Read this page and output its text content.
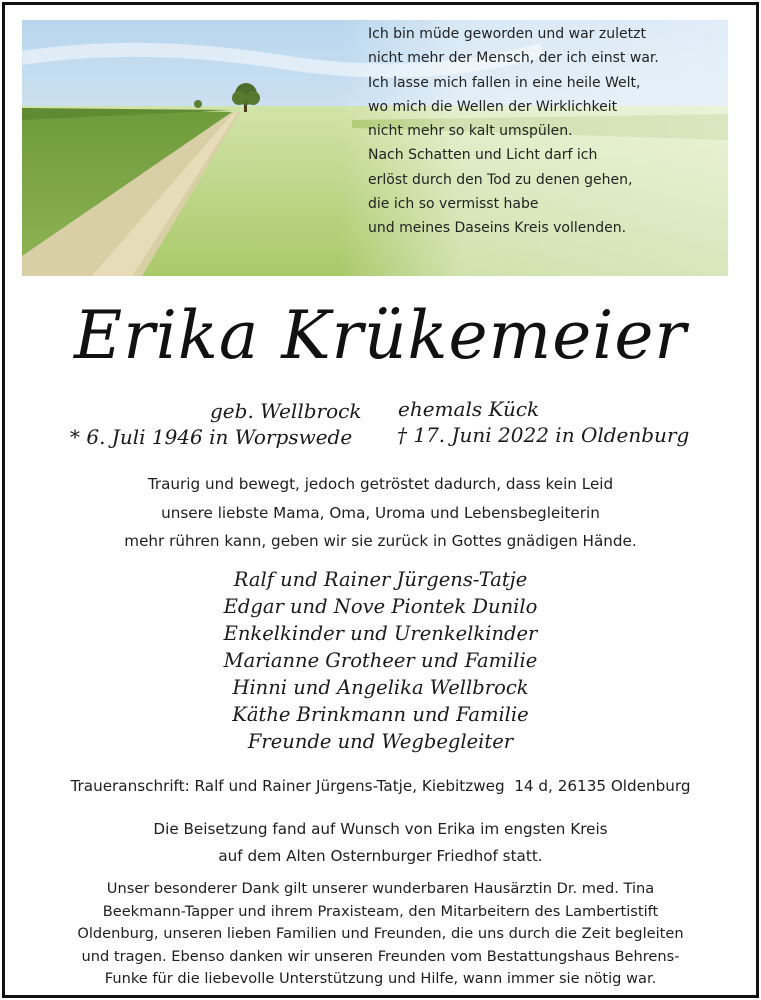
Ich bin müde geworden und war zuletzt
nicht mehr der Mensch, der ich einst war.
Ich lasse mich fallen in eine heile Welt,
wo mich die Wellen der Wirklichkeit
nicht mehr so kalt umspülen.
Nach Schatten und Licht darf ich
erlöst durch den Tod zu denen gehen,
die ich so vermisst habe
und meines Daseins Kreis vollenden.
Erika Krükemeier
geb. Wellbrock
* 6. Juli 1946 in Worpswede
ehemals Kück
† 17. Juni 2022 in Oldenburg
Traurig und bewegt, jedoch getröstet dadurch, dass kein Leid
unsere liebste Mama, Oma, Uroma und Lebensbegleiterin
mehr rühren kann, geben wir sie zurück in Gottes gnädigen Hände.
Ralf und Rainer Jürgens-Tatje
Edgar und Nove Piontek Dunilo
Enkelkinder und Urenkelkinder
Marianne Grotheer und Familie
Hinni und Angelika Wellbrock
Käthe Brinkmann und Familie
Freunde und Wegbegleiter
Traueranschrift: Ralf und Rainer Jürgens-Tatje, Kiebitzweg  14 d, 26135 Oldenburg
Die Beisetzung fand auf Wunsch von Erika im engsten Kreis
auf dem Alten Osternburger Friedhof statt.
Unser besonderer Dank gilt unserer wunderbaren Hausärztin Dr. med. Tina
Beekmann-Tapper und ihrem Praxisteam, den Mitarbeitern des Lambertistift
Oldenburg, unseren lieben Familien und Freunden, die uns durch die Zeit begleiten
und tragen. Ebenso danken wir unseren Freunden vom Bestattungshaus Behrens-
Funke für die liebevolle Unterstützung und Hilfe, wann immer sie nötig war.
